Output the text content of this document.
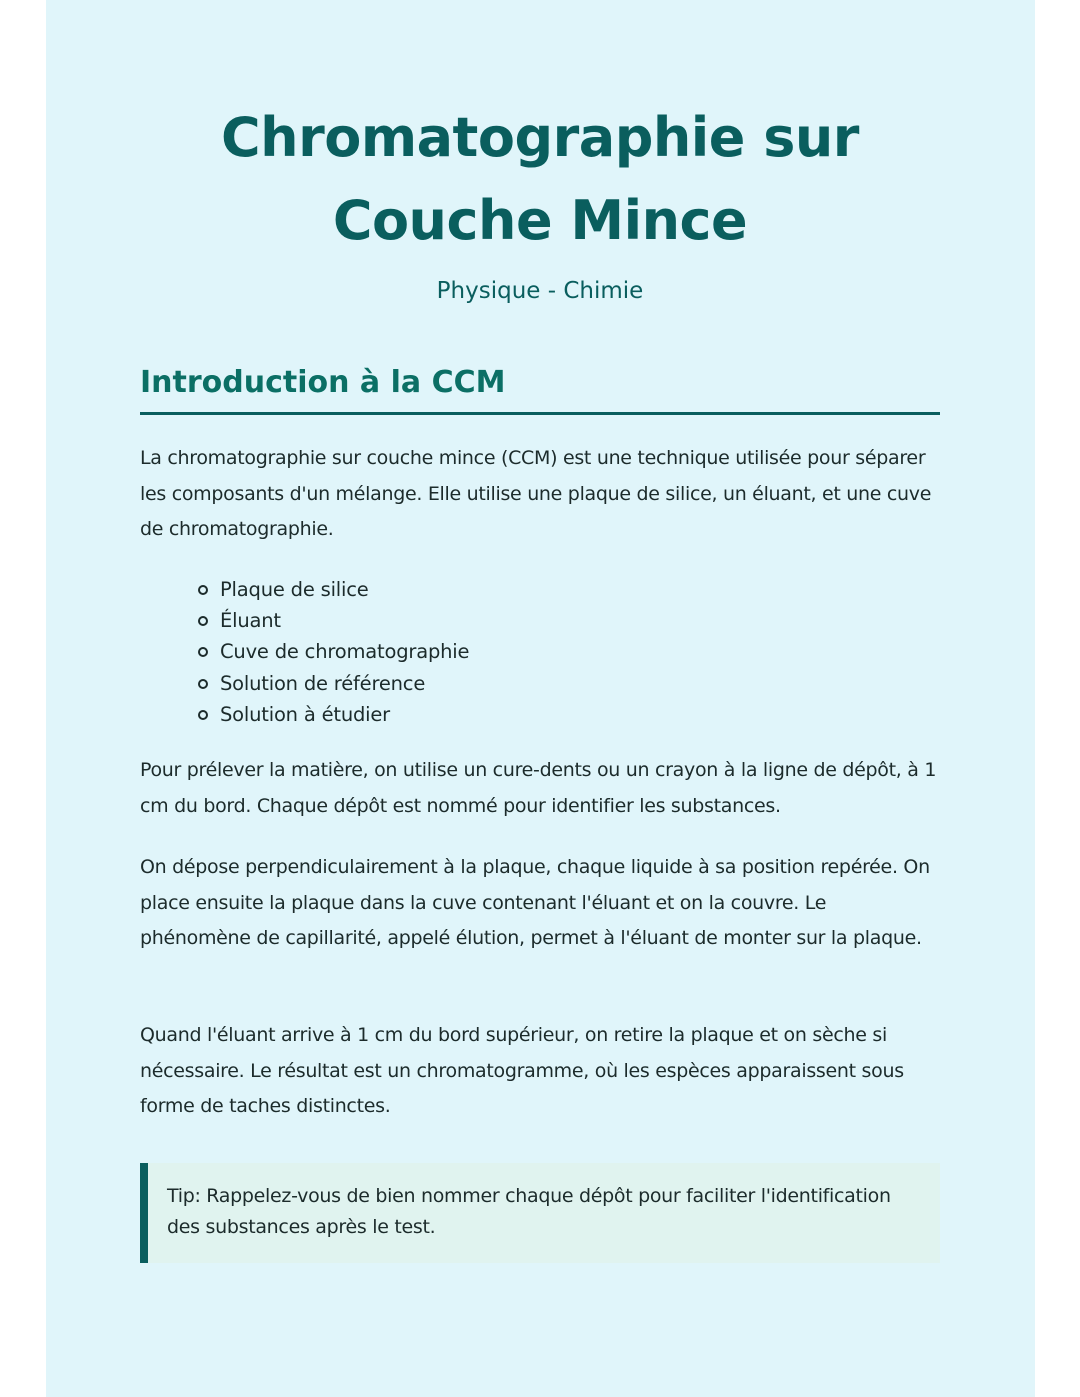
Chromatographie sur
Couche Mince
Physique - Chimie
Introduction à la CCM

La chromatographie sur couche mince (CCM) est une technique utilisée pour séparer les composants d'un mélange. Elle utilise une plaque de silice, un éluant, et une cuve de chromatographie.

Plaque de silice
Éluant
Cuve de chromatographie
Solution de référence
Solution à étudier

Pour prélever la matière, on utilise un cure-dents ou un crayon à la ligne de dépôt, à 1 cm du bord. Chaque dépôt est nommé pour identifier les substances.

On dépose perpendiculairement à la plaque, chaque liquide à sa position repérée. On place ensuite la plaque dans la cuve contenant l'éluant et on la couvre. Le phénomène de capillarité, appelé élution, permet à l'éluant de monter sur la plaque.

Quand l'éluant arrive à 1 cm du bord supérieur, on retire la plaque et on sèche si nécessaire. Le résultat est un chromatogramme, où les espèces apparaissent sous forme de taches distinctes.

Tip: Rappelez-vous de bien nommer chaque dépôt pour faciliter l'identification des substances après le test.
